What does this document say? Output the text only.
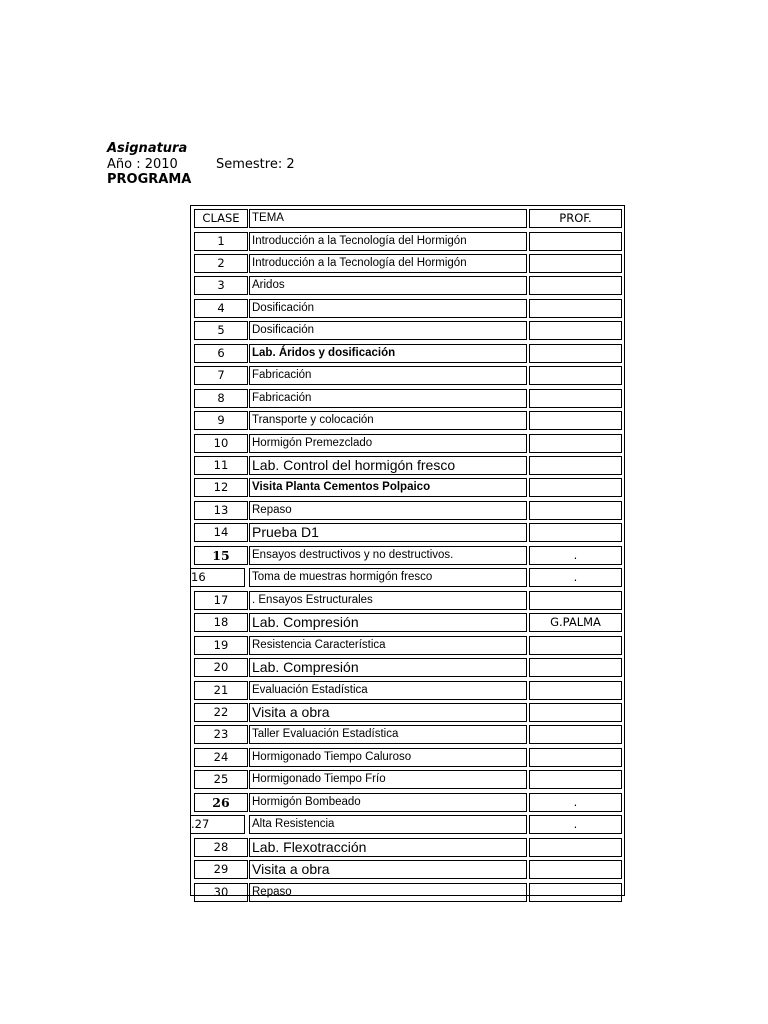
Asignatura
Año : 2010	Semestre: 2
PROGRAMA
CLASE	TEMA	PROF.
1	Introducción a la Tecnología del Hormigón
2	Introducción a la Tecnología del Hormigón
3	Aridos
4	Dosificación
5	Dosificación
6	Lab. Áridos y dosificación
7	Fabricación
8	Fabricación
9	Transporte y colocación
10	Hormigón Premezclado
11	Lab. Control del hormigón fresco
12	Visita Planta Cementos Polpaico
13	Repaso
14	Prueba D1
15	Ensayos destructivos y no destructivos.	.
16	Toma de muestras hormigón fresco	.
17	. Ensayos Estructurales
18	Lab. Compresión	G.PALMA
19	Resistencia Característica
20	Lab. Compresión
21	Evaluación Estadística
22	Visita a obra
23	Taller Evaluación Estadística
24	Hormigonado Tiempo Caluroso
25	Hormigonado Tiempo Frío
26	Hormigón Bombeado	.
.27	Alta Resistencia	.
28	Lab. Flexotracción
29	Visita a obra
30	Repaso
